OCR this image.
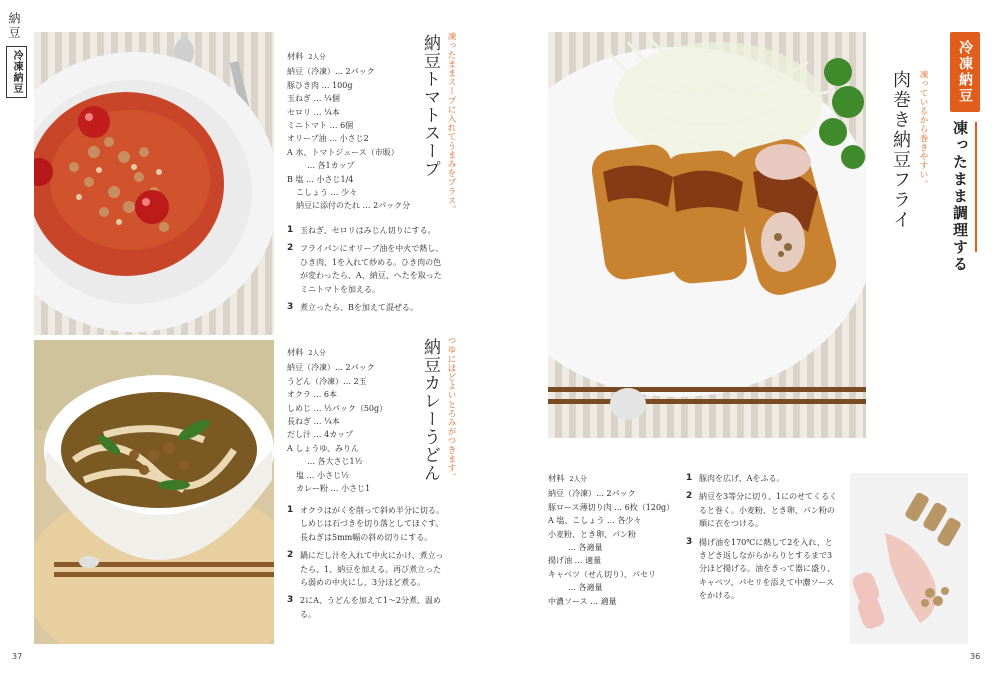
納豆
冷凍納豆	納豆トマトスープ 凍ったままスープに入れてうまみをプラス。
材料 2人分
納豆（冷凍）… 2パック
豚ひき肉 … 100g
玉ねぎ … ¼個
セロリ … ¼本
ミニトマト … 6個
オリーブ油 … 小さじ2
A 水、トマトジュース（市販）
… 各1カップ
B 塩 … 小さじ1/4
こしょう … 少々
納豆に添付のたれ … 2パック分
1 玉ねぎ、セロリはみじん切りにする。
2 フライパンにオリーブ油を中火で熱し、ひき肉、1を入れて炒める。ひき肉の色が変わったら、A、納豆、へたを取ったミニトマトを加える。
3 煮立ったら、Bを加えて混ぜる。
納豆カレーうどん つゆにほどよいとろみがつきます。
材料 2人分
納豆（冷凍）… 2パック
うどん（冷凍）… 2玉
オクラ … 6本
しめじ … ½パック（50g）
長ねぎ … ¼本
だし汁 … 4カップ
A しょうゆ、みりん
… 各大さじ1½
塩 … 小さじ½
カレー粉 … 小さじ1
1 オクラはがくを削って斜め半分に切る。しめじは石づきを切り落としてほぐす。長ねぎは5mm幅の斜め切りにする。
2 鍋にだし汁を入れて中火にかけ、煮立ったら、1、納豆を加える。再び煮立ったら弱めの中火にし、3分ほど煮る。
3 2にA、うどんを加えて1〜2分煮、温める。
37
冷凍納豆
凍ったまま調理する
肉巻き納豆フライ 凍っているから巻きやすい。
材料 2人分
納豆（冷凍）… 2パック
豚ロース薄切り肉 … 6枚（120g）
A 塩、こしょう … 各少々
小麦粉、とき卵、パン粉
… 各適量
揚げ油 … 適量
キャベツ（せん切り）、パセリ
… 各適量
中濃ソース … 適量
1 豚肉を広げ、Aをふる。
2 納豆を3等分に切り、1にのせてくるくると巻く。小麦粉、とき卵、パン粉の順に衣をつける。
3 揚げ油を170℃に熱して2を入れ、ときどき返しながらからりとするまで3分ほど揚げる。油をきって器に盛り、キャベツ、パセリを添えて中濃ソースをかける。
36
